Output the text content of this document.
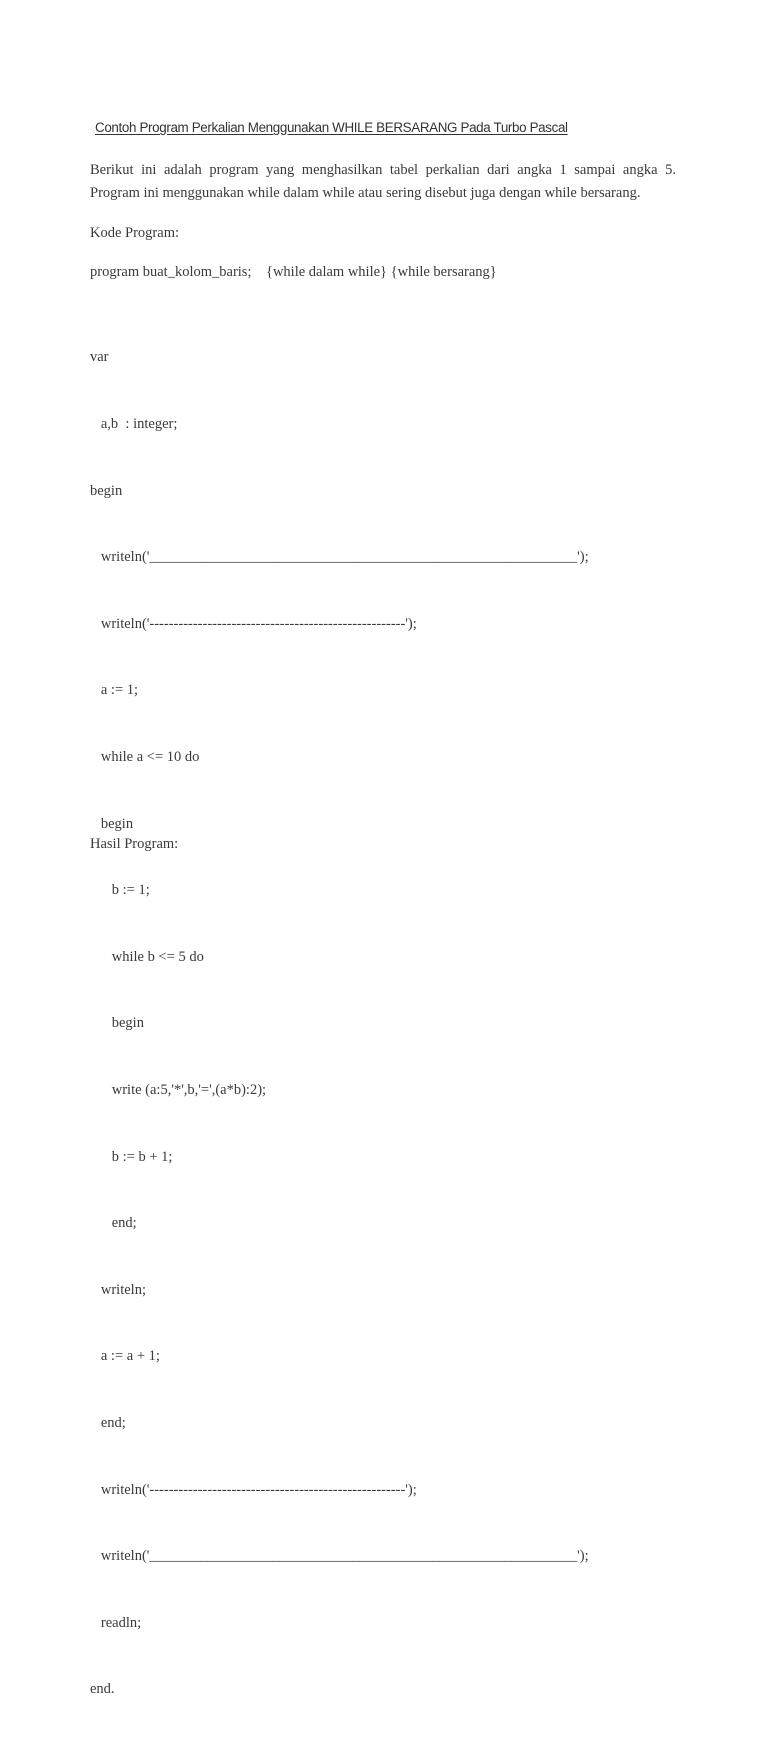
Contoh Program Perkalian Menggunakan WHILE BERSARANG Pada Turbo Pascal
Berikut ini adalah program yang menghasilkan tabel perkalian dari angka 1 sampai angka 5.
Program ini menggunakan while dalam while atau sering disebut juga dengan while bersarang.
Kode Program:
program buat_kolom_baris;    {while dalam while} {while bersarang}

var

a,b  : integer;

begin

writeln('___________________________________________________________');

writeln('-----------------------------------------------------');

a := 1;

while a <= 10 do

begin

b := 1;

while b <= 5 do

begin

write (a:5,'*',b,'=',(a*b):2);

b := b + 1;

end;

writeln;

a := a + 1;

end;

writeln('-----------------------------------------------------');

writeln('___________________________________________________________');

readln;

end.

Hasil Program:
